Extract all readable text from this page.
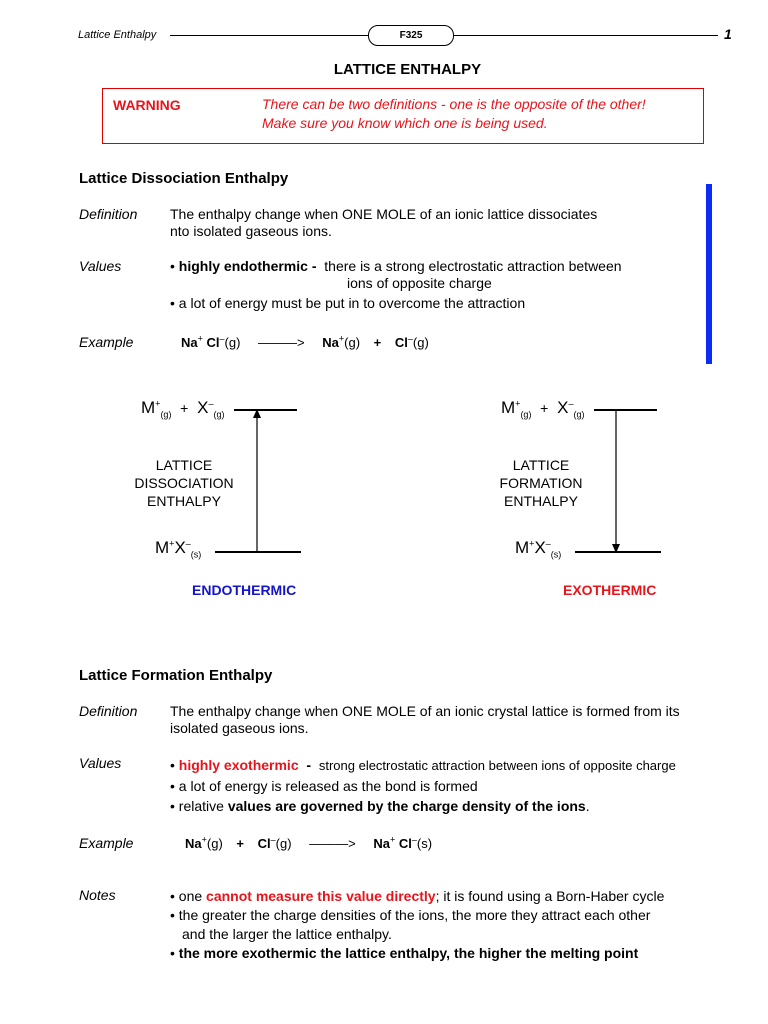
Lattice Enthalpy	F325	1
LATTICE ENTHALPY
WARNING	There can be two definitions - one is the opposite of the other!
Make sure you know which one is being used.
Lattice Dissociation Enthalpy
Definition The enthalpy change when ONE MOLE of an ionic lattice dissociates
nto isolated gaseous ions.
Values	• highly endothermic - there is a strong electrostatic attraction between
ions of opposite charge
• a lot of energy must be put in to overcome the attraction
Example	Na+ Cl–(g) ———> Na+(g) + Cl–(g)
$M^+_{(g)} + X^-_{(g)}$
LATTICE
DISSOCIATION
ENTHALPY
$M^+X^-_{(s)}$
ENDOTHERMIC
$M^+_{(g)} + X^-_{(g)}$
LATTICE
FORMATION
ENTHALPY
$M^+X^-_{(s)}$
EXOTHERMIC
Lattice Formation Enthalpy
Definition The enthalpy change when ONE MOLE of an ionic crystal lattice is formed from its
isolated gaseous ions.
Values	• highly exothermic - strong electrostatic attraction between ions of opposite charge
• a lot of energy is released as the bond is formed
• relative values are governed by the charge density of the ions.
Example	Na+(g) + Cl–(g) ———> Na+ Cl–(s)
Notes	• one cannot measure this value directly; it is found using a Born-Haber cycle
• the greater the charge densities of the ions, the more they attract each other
and the larger the lattice enthalpy.
• the more exothermic the lattice enthalpy, the higher the melting point
